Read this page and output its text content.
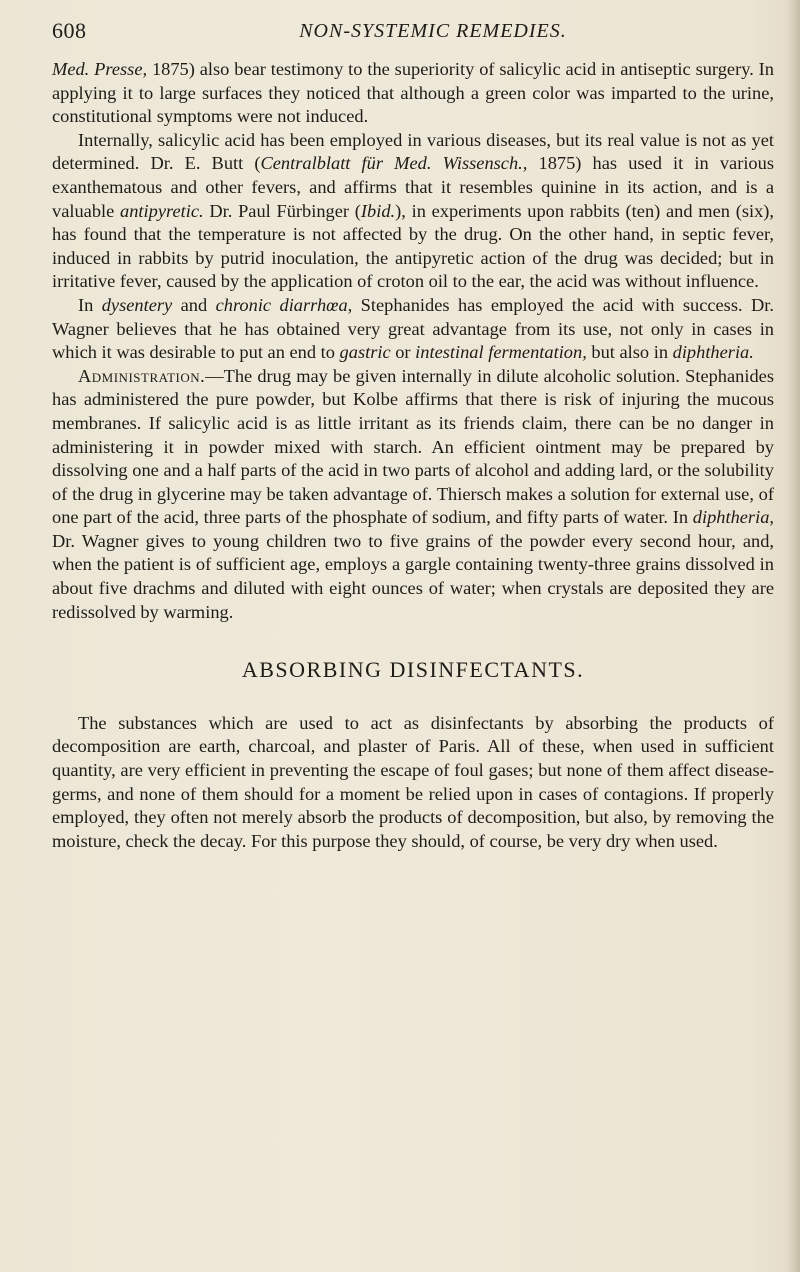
608	NON-SYSTEMIC REMEDIES.

Med. Presse, 1875) also bear testimony to the superiority of salicylic acid in antiseptic surgery. In applying it to large surfaces they noticed that although a green color was imparted to the urine, constitutional symptoms were not induced.

Internally, salicylic acid has been employed in various diseases, but its real value is not as yet determined. Dr. E. Butt (Centralblatt für Med. Wissensch., 1875) has used it in various exanthematous and other fevers, and affirms that it resembles quinine in its action, and is a valuable antipyretic. Dr. Paul Fürbinger (Ibid.), in experiments upon rabbits (ten) and men (six), has found that the temperature is not affected by the drug. On the other hand, in septic fever, induced in rabbits by putrid inoculation, the antipyretic action of the drug was decided; but in irritative fever, caused by the application of croton oil to the ear, the acid was without influence.

In dysentery and chronic diarrhœa, Stephanides has employed the acid with success. Dr. Wagner believes that he has obtained very great advantage from its use, not only in cases in which it was desirable to put an end to gastric or intestinal fermentation, but also in diphtheria.

Administration.—The drug may be given internally in dilute alcoholic solution. Stephanides has administered the pure powder, but Kolbe affirms that there is risk of injuring the mucous membranes. If salicylic acid is as little irritant as its friends claim, there can be no danger in administering it in powder mixed with starch. An efficient ointment may be prepared by dissolving one and a half parts of the acid in two parts of alcohol and adding lard, or the solubility of the drug in glycerine may be taken advantage of. Thiersch makes a solution for external use, of one part of the acid, three parts of the phosphate of sodium, and fifty parts of water. In diphtheria, Dr. Wagner gives to young children two to five grains of the powder every second hour, and, when the patient is of sufficient age, employs a gargle containing twenty-three grains dissolved in about five drachms and diluted with eight ounces of water; when crystals are deposited they are redissolved by warming.

ABSORBING DISINFECTANTS.

The substances which are used to act as disinfectants by absorbing the products of decomposition are earth, charcoal, and plaster of Paris. All of these, when used in sufficient quantity, are very efficient in preventing the escape of foul gases; but none of them affect disease-germs, and none of them should for a moment be relied upon in cases of contagions. If properly employed, they often not merely absorb the products of decomposition, but also, by removing the moisture, check the decay. For this purpose they should, of course, be very dry when used.
